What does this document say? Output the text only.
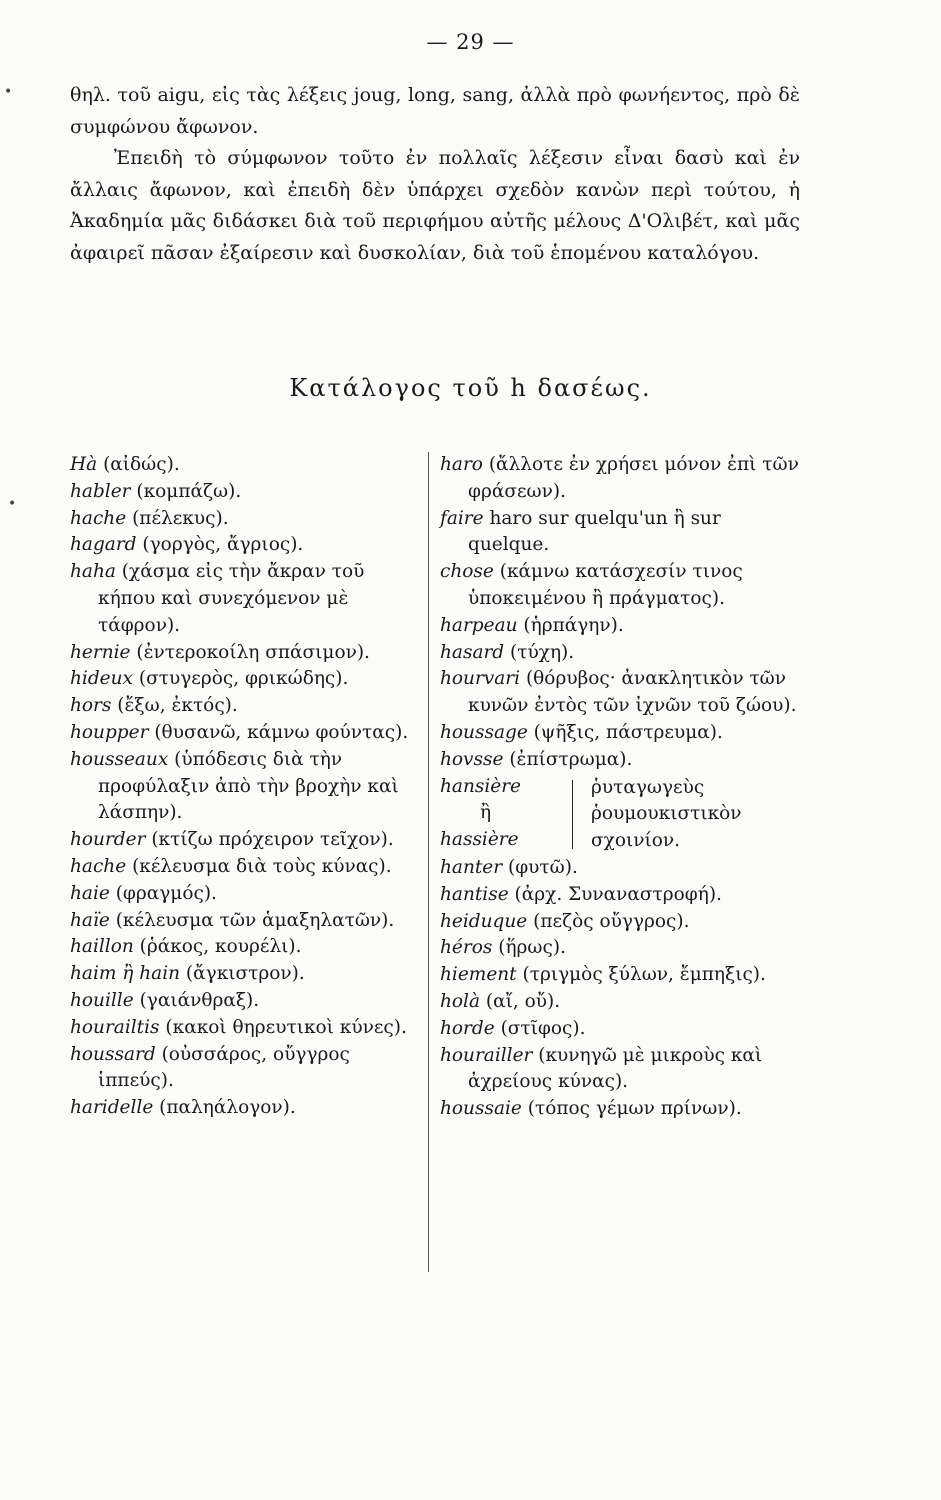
— 29 —

θηλ. τοῦ aigu, εἰς τὰς λέξεις joug, long, sang, ἀλλὰ πρὸ φωνήεντος, πρὸ δὲ συμφώνου ἄφωνον.

Ἐπειδὴ τὸ σύμφωνον τοῦτο ἐν πολλαῖς λέξεσιν εἶναι δασὺ καὶ ἐν ἄλλαις ἄφωνον, καὶ ἐπειδὴ δὲν ὑπάρχει σχεδὸν κανὼν περὶ τούτου, ἡ Ἀκαδημία μᾶς διδάσκει διὰ τοῦ περιφήμου αὐτῆς μέλους Δ'Ολιβέτ, καὶ μᾶς ἀφαιρεῖ πᾶσαν ἐξαίρεσιν καὶ δυσκολίαν, διὰ τοῦ ἑπομένου καταλόγου.

Κατάλογος τοῦ h δασέως.
Hà (αἰδώς).
habler (κομπάζω).
hache (πέλεκυς).
hagard (γοργὸς, ἄγριος).
haha (χάσμα εἰς τὴν ἄκραν τοῦ κήπου καὶ συνεχόμενον μὲ τάφρον).
hernie (ἐντεροκοίλη σπάσιμον).
hideux (στυγερὸς, φρικώδης).
hors (ἔξω, ἐκτός).
houpper (θυσανῶ, κάμνω φούντας).
housseaux (ὑπόδεσις διὰ τὴν προφύλαξιν ἀπὸ τὴν βροχὴν καὶ λάσπην).
hourder (κτίζω πρόχειρον τεῖχον).
hache (κέλευσμα διὰ τοὺς κύνας).
haie (φραγμός).
haïe (κέλευσμα τῶν ἁμαξηλατῶν).
haillon (ῥάκος, κουρέλι).
haim ἢ hain (ἄγκιστρον).
houille (γαιάνθραξ).
hourailtis (κακοὶ θηρευτικοὶ κύνες).
houssard (οὐσσάρος, οὔγγρος ἱππεύς).
haridelle (παληάλογον).
haro (ἄλλοτε ἐν χρήσει μόνον ἐπὶ τῶν φράσεων).
faire haro sur quelqu'un ἢ sur quelque.
chose (κάμνω κατάσχεσίν τινος ὑποκειμένου ἢ πράγματος).
harpeau (ἡρπάγην).
hasard (τύχη).
hourvari (θόρυβος· ἀνακλητικὸν τῶν κυνῶν ἐντὸς τῶν ἰχνῶν τοῦ ζώου).
houssage (ψῆξις, πάστρευμα).
hovsse (ἐπίστρωμα).
hansière
ἢ
hassière
ῥυταγωγεὺς ῥουμουκιστικὸν σχοινίον.
hanter (φυτῶ).
hantise (ἀρχ. Συναναστροφή).
heiduque (πεζὸς οὔγγρος).
héros (ἥρως).
hiement (τριγμὸς ξύλων, ἔμπηξις).
holà (αἴ, οὔ).
horde (στῖφος).
hourailler (κυνηγῶ μὲ μικροὺς καὶ ἀχρείους κύνας).
houssaie (τόπος γέμων πρίνων).
•
•
